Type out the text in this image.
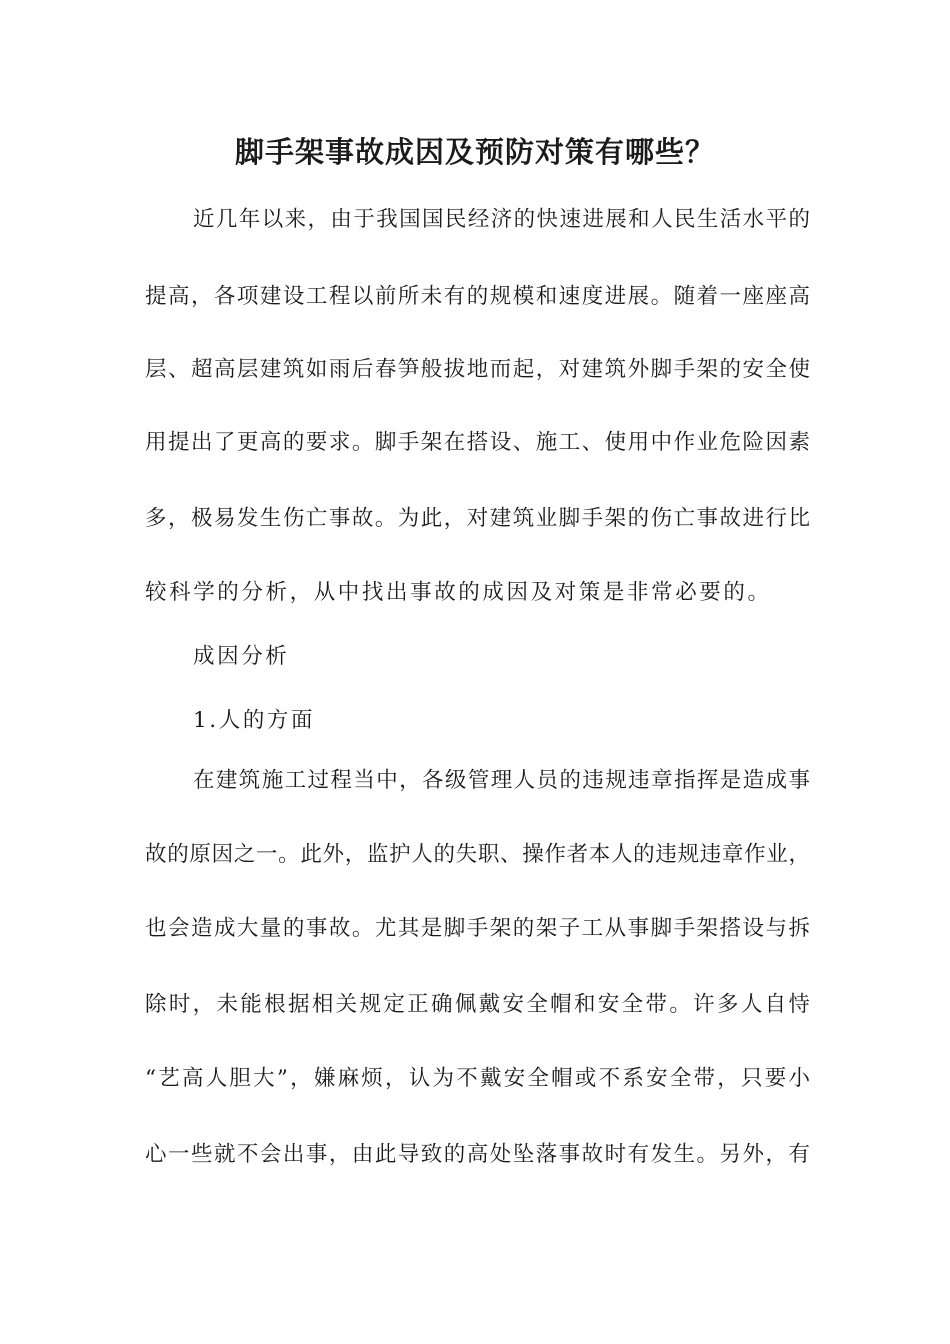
脚手架事故成因及预防对策有哪些？
近几年以来，由于我国国民经济的快速进展和人民生活水平的
提高，各项建设工程以前所未有的规模和速度进展。随着一座座高
层、超高层建筑如雨后春笋般拔地而起，对建筑外脚手架的安全使
用提出了更高的要求。脚手架在搭设、施工、使用中作业危险因素
多，极易发生伤亡事故。为此，对建筑业脚手架的伤亡事故进行比
较科学的分析，从中找出事故的成因及对策是非常必要的。
成因分析
1.人的方面
在建筑施工过程当中，各级管理人员的违规违章指挥是造成事
故的原因之一。此外，监护人的失职、操作者本人的违规违章作业，
也会造成大量的事故。尤其是脚手架的架子工从事脚手架搭设与拆
除时，未能根据相关规定正确佩戴安全帽和安全带。许多人自恃
“艺高人胆大”，嫌麻烦，认为不戴安全帽或不系安全带，只要小
心一些就不会出事，由此导致的高处坠落事故时有发生。另外，有
